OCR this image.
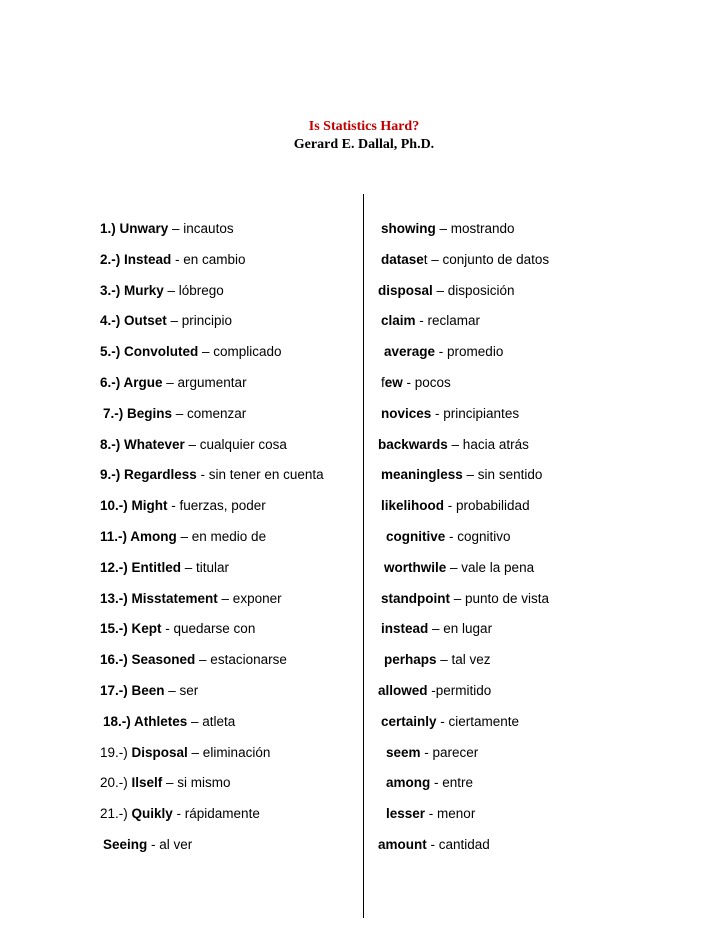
Is Statistics Hard?
Gerard E. Dallal, Ph.D.
1.) Unwary – incautos
2.-) Instead - en cambio
3.-) Murky – lóbrego
4.-) Outset – principio
5.-) Convoluted – complicado
6.-) Argue – argumentar
7.-) Begins – comenzar
8.-) Whatever – cualquier cosa
9.-) Regardless - sin tener en cuenta
10.-) Might - fuerzas, poder
11.-) Among – en medio de
12.-) Entitled – titular
13.-) Misstatement – exponer
15.-) Kept - quedarse con
16.-) Seasoned – estacionarse
17.-) Been – ser
18.-) Athletes – atleta
19.-) Disposal – eliminación
20.-) Ilself – si mismo
21.-) Quikly - rápidamente
Seeing - al ver
showing – mostrando
dataset – conjunto de datos
disposal – disposición
claim - reclamar
average - promedio
few - pocos
novices - principiantes
backwards – hacia atrás
meaningless – sin sentido
likelihood - probabilidad
cognitive - cognitivo
worthwile – vale la pena
standpoint – punto de vista
instead – en lugar
perhaps – tal vez
allowed -permitido
certainly - ciertamente
seem - parecer
among - entre
lesser - menor
amount - cantidad
